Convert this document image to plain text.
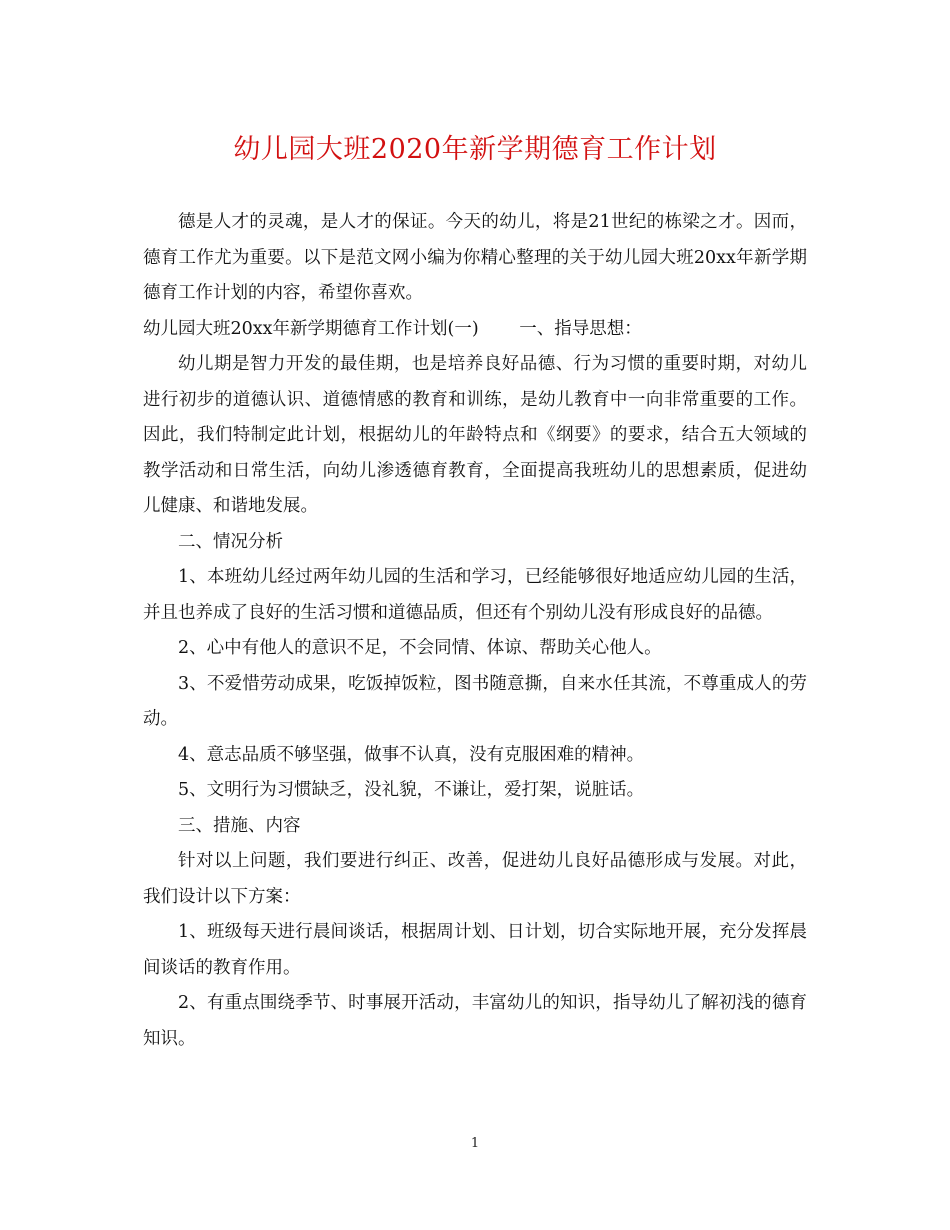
幼儿园大班2020年新学期德育工作计划

德是人才的灵魂，是人才的保证。今天的幼儿，将是21世纪的栋梁之才。因而，德育工作尤为重要。以下是范文网小编为你精心整理的关于幼儿园大班20xx年新学期德育工作计划的内容，希望你喜欢。

幼儿园大班20xx年新学期德育工作计划(一)　　 一、指导思想：

幼儿期是智力开发的最佳期，也是培养良好品德、行为习惯的重要时期，对幼儿进行初步的道德认识、道德情感的教育和训练，是幼儿教育中一向非常重要的工作。因此，我们特制定此计划，根据幼儿的年龄特点和《纲要》的要求，结合五大领域的教学活动和日常生活，向幼儿渗透德育教育，全面提高我班幼儿的思想素质，促进幼儿健康、和谐地发展。

二、情况分析

1、本班幼儿经过两年幼儿园的生活和学习，已经能够很好地适应幼儿园的生活，并且也养成了良好的生活习惯和道德品质，但还有个别幼儿没有形成良好的品德。

2、心中有他人的意识不足，不会同情、体谅、帮助关心他人。

3、不爱惜劳动成果，吃饭掉饭粒，图书随意撕，自来水任其流，不尊重成人的劳动。

4、意志品质不够坚强，做事不认真，没有克服困难的精神。

5、文明行为习惯缺乏，没礼貌，不谦让，爱打架，说脏话。

三、措施、内容

针对以上问题，我们要进行纠正、改善，促进幼儿良好品德形成与发展。对此，我们设计以下方案：

1、班级每天进行晨间谈话，根据周计划、日计划，切合实际地开展，充分发挥晨间谈话的教育作用。

2、有重点围绕季节、时事展开活动，丰富幼儿的知识，指导幼儿了解初浅的德育知识。

1
